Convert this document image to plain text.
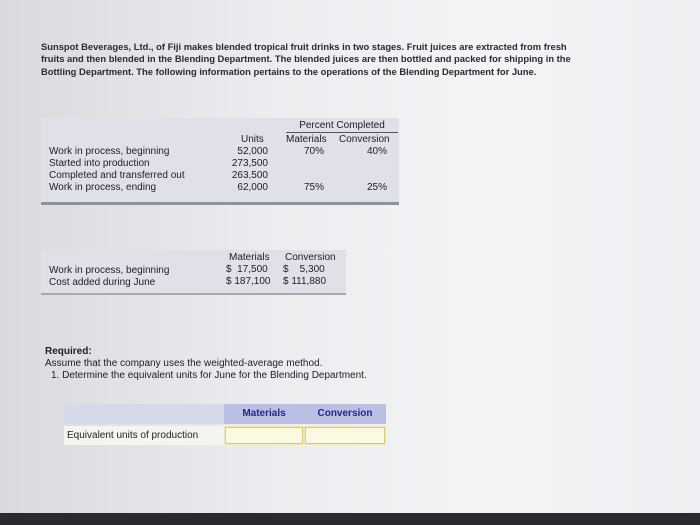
Sunspot Beverages, Ltd., of Fiji makes blended tropical fruit drinks in two stages. Fruit juices are extracted from fresh fruits and then blended in the Blending Department. The blended juices are then bottled and packed for shipping in the Bottling Department. The following information pertains to the operations of the Blending Department for June.
Percent Completed
Units Materials Conversion
Work in process, beginning	52,000	70%	40%
Started into production	273,500
Completed and transferred out	263,500
Work in process, ending	62,000	75%	25%
Materials Conversion
Work in process, beginning	$  17,500 $    5,300
Cost added during June	$ 187,100 $ 111,880
Required:
Assume that the company uses the weighted-average method.
1. Determine the equivalent units for June for the Blending Department.
Materials	Conversion
Equivalent units of production
